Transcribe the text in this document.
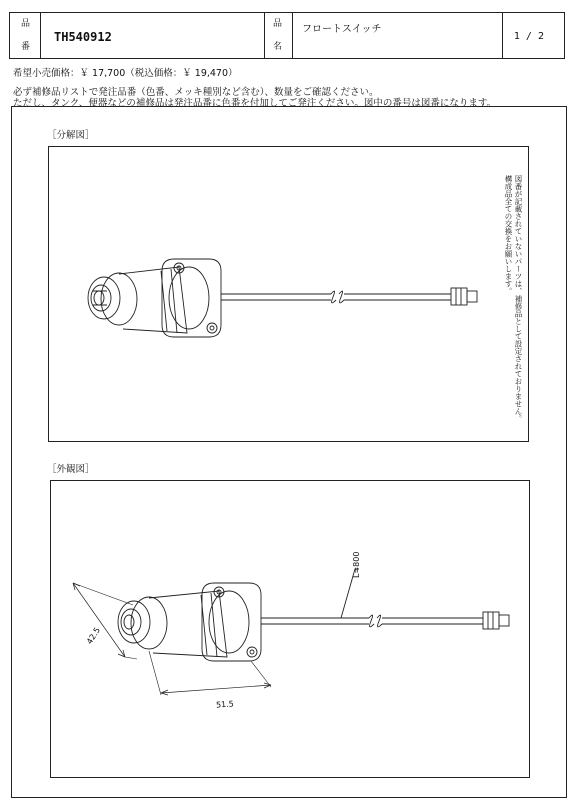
品
番
TH540912
品
名
フロートスイッチ
1 / 2
希望小売価格：￥ 17,700（税込価格：￥ 19,470）
必ず補修品リストで発注品番（色番、メッキ種別など含む）、数量をご確認ください。
ただし、タンク、便器などの補修品は発注品番に色番を付加してご発注ください。図中の番号は図番になります。
［分解図］
図番が記載されていないパーツは、補修品として設定されておりません。
構成品全ての交換をお願いします。
［外観図］
L=800
42.5
51.5
